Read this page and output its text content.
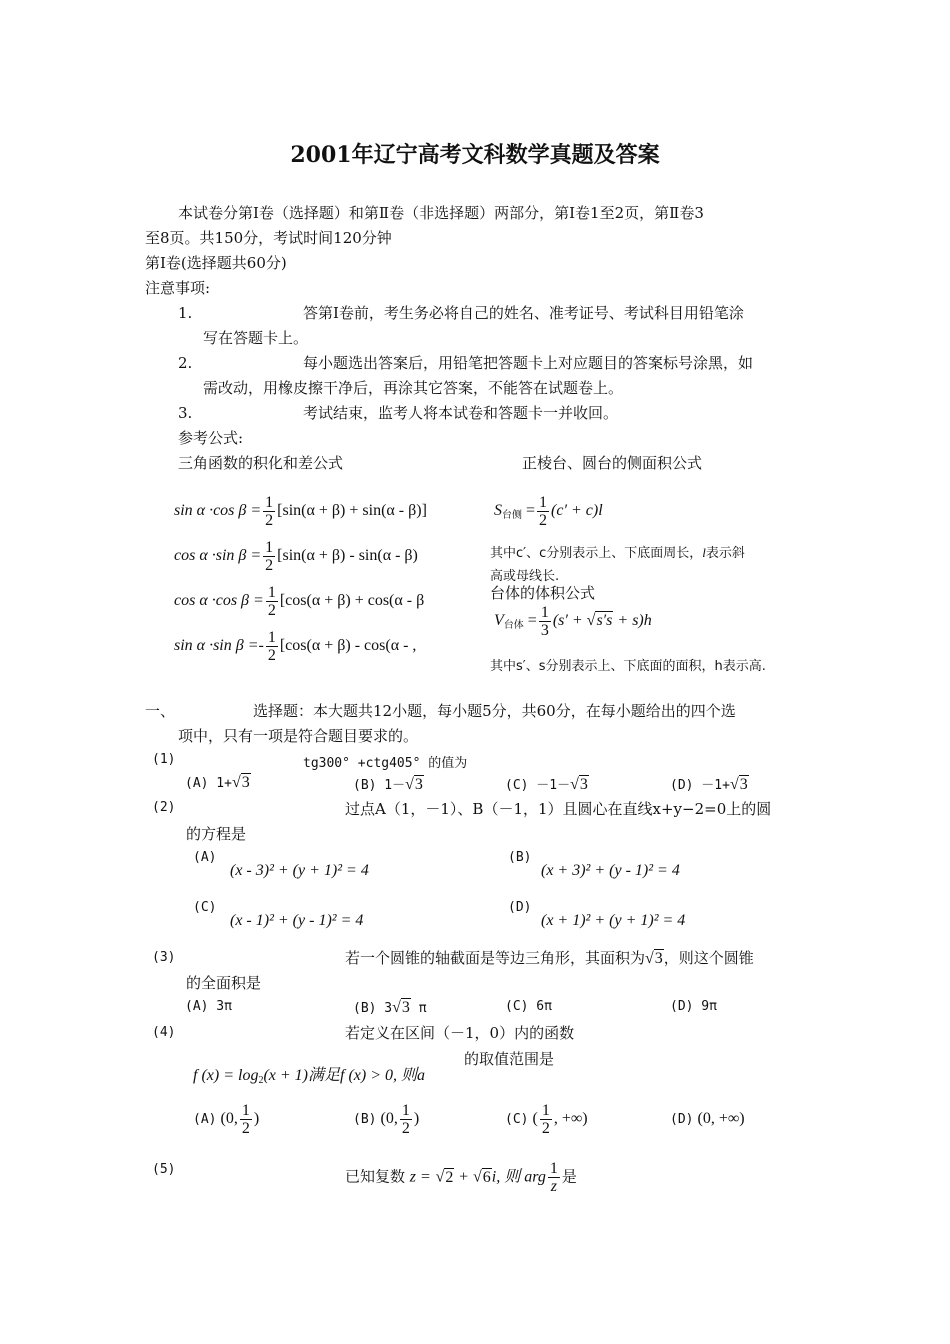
2001年辽宁高考文科数学真题及答案
本试卷分第Ⅰ卷（选择题）和第Ⅱ卷（非选择题）两部分，第Ⅰ卷1至2页，第Ⅱ卷3
至8页。共150分，考试时间120分钟
第Ⅰ卷(选择题共60分)
注意事项:
1.	答第Ⅰ卷前，考生务必将自己的姓名、准考证号、考试科目用铅笔涂
写在答题卡上。
2.	每小题选出答案后，用铅笔把答题卡上对应题目的答案标号涂黑，如
需改动，用橡皮擦干净后，再涂其它答案，不能答在试题卷上。
3.	考试结束，监考人将本试卷和答题卡一并收回。
参考公式:
三角函数的积化和差公式	正棱台、圆台的侧面积公式
sin α ·cos $\beta = \frac{1}{2} [\sin(\alpha + \beta) + \sin(\alpha - \beta)]$
cos α ·sin $\beta = \frac{1}{2} [\sin(\alpha + \beta) - \sin(\alpha - \beta)$
cos α ·cos $\beta = \frac{1}{2} [\cos(\alpha + \beta) + \cos(\alpha - \beta$
sin α ·sin $\beta =- \frac{1}{2} [\cos(\alpha + \beta) - \cos(\alpha$ - ,
$S_{台侧} = \frac{1}{2} (c' + c)l$
其中c′、c分别表示上、下底面周长，l表示斜
高或母线长.
台体的体积公式
$V_{台体} = \frac{1}{3} (s' + √s's + s)h$
其中s′、s分别表示上、下底面的面积，h表示高.
一、	选择题：本大题共12小题，每小题5分，共60分，在每小题给出的四个选
项中，只有一项是符合题目要求的。
(1)	tg300° +ctg405° 的值为
(A) 1+√3	(B) 1－√3	(C) －1－√3	(D) －1+√3
(2)	过点A（1，－1）、B（－1，1）且圆心在直线x+y−2=0上的圆
的方程是
(A)
(x - 3)² + (y + 1)² = 4
(B)
(x + 3)² + (y - 1)² = 4
(C)
(x - 1)² + (y - 1)² = 4
(D)
(x + 1)² + (y + 1)² = 4
(3)	若一个圆锥的轴截面是等边三角形，其面积为√3，则这个圆锥
的全面积是
(A) 3π	(B) 3√3 π	(C) 6π	(D) 9π
(4)	若定义在区间（－1，0）内的函数
f $(x) = \log_2(x + 1)$满足f (x) > 0, 则a
的取值范围是
(A) (0, $\frac{1}{2}$ )	(B) (0, $\frac{1}{2}$ )	(C) ( $\frac{1}{2}$ , +∞)	(D) (0, +∞)
(5)	已知复数 z = √2 + √6i, 则 arg $\frac{1}{z}$ 是
